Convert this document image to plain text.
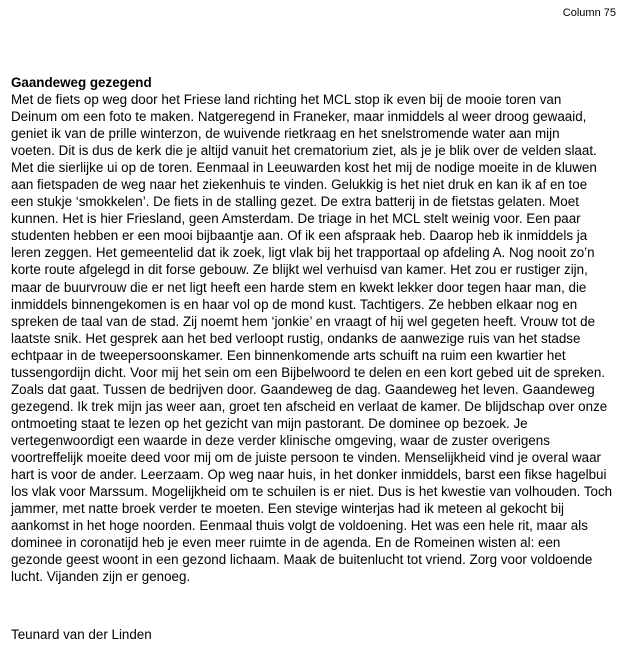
Column 75
Gaandeweg gezegend
Met de fiets op weg door het Friese land richting het MCL stop ik even bij de mooie toren van
Deinum om een foto te maken. Natgeregend in Franeker, maar inmiddels al weer droog gewaaid,
geniet ik van de prille winterzon, de wuivende rietkraag en het snelstromende water aan mijn
voeten. Dit is dus de kerk die je altijd vanuit het crematorium ziet, als je je blik over de velden slaat.
Met die sierlijke ui op de toren. Eenmaal in Leeuwarden kost het mij de nodige moeite in de kluwen
aan fietspaden de weg naar het ziekenhuis te vinden. Gelukkig is het niet druk en kan ik af en toe
een stukje ‘smokkelen’. De fiets in de stalling gezet. De extra batterij in de fietstas gelaten. Moet
kunnen. Het is hier Friesland, geen Amsterdam. De triage in het MCL stelt weinig voor. Een paar
studenten hebben er een mooi bijbaantje aan. Of ik een afspraak heb. Daarop heb ik inmiddels ja
leren zeggen. Het gemeentelid dat ik zoek, ligt vlak bij het trapportaal op afdeling A. Nog nooit zo’n
korte route afgelegd in dit forse gebouw. Ze blijkt wel verhuisd van kamer. Het zou er rustiger zijn,
maar de buurvrouw die er net ligt heeft een harde stem en kwekt lekker door tegen haar man, die
inmiddels binnengekomen is en haar vol op de mond kust. Tachtigers. Ze hebben elkaar nog en
spreken de taal van de stad. Zij noemt hem ‘jonkie’ en vraagt of hij wel gegeten heeft. Vrouw tot de
laatste snik. Het gesprek aan het bed verloopt rustig, ondanks de aanwezige ruis van het stadse
echtpaar in de tweepersoonskamer. Een binnenkomende arts schuift na ruim een kwartier het
tussengordijn dicht. Voor mij het sein om een Bijbelwoord te delen en een kort gebed uit de spreken.
Zoals dat gaat. Tussen de bedrijven door. Gaandeweg de dag. Gaandeweg het leven. Gaandeweg
gezegend. Ik trek mijn jas weer aan, groet ten afscheid en verlaat de kamer. De blijdschap over onze
ontmoeting staat te lezen op het gezicht van mijn pastorant. De dominee op bezoek. Je
vertegenwoordigt een waarde in deze verder klinische omgeving, waar de zuster overigens
voortreffelijk moeite deed voor mij om de juiste persoon te vinden. Menselijkheid vind je overal waar
hart is voor de ander. Leerzaam. Op weg naar huis, in het donker inmiddels, barst een fikse hagelbui
los vlak voor Marssum. Mogelijkheid om te schuilen is er niet. Dus is het kwestie van volhouden. Toch
jammer, met natte broek verder te moeten. Een stevige winterjas had ik meteen al gekocht bij
aankomst in het hoge noorden. Eenmaal thuis volgt de voldoening. Het was een hele rit, maar als
dominee in coronatijd heb je even meer ruimte in de agenda. En de Romeinen wisten al: een
gezonde geest woont in een gezond lichaam. Maak de buitenlucht tot vriend. Zorg voor voldoende
lucht. Vijanden zijn er genoeg.
Teunard van der Linden
